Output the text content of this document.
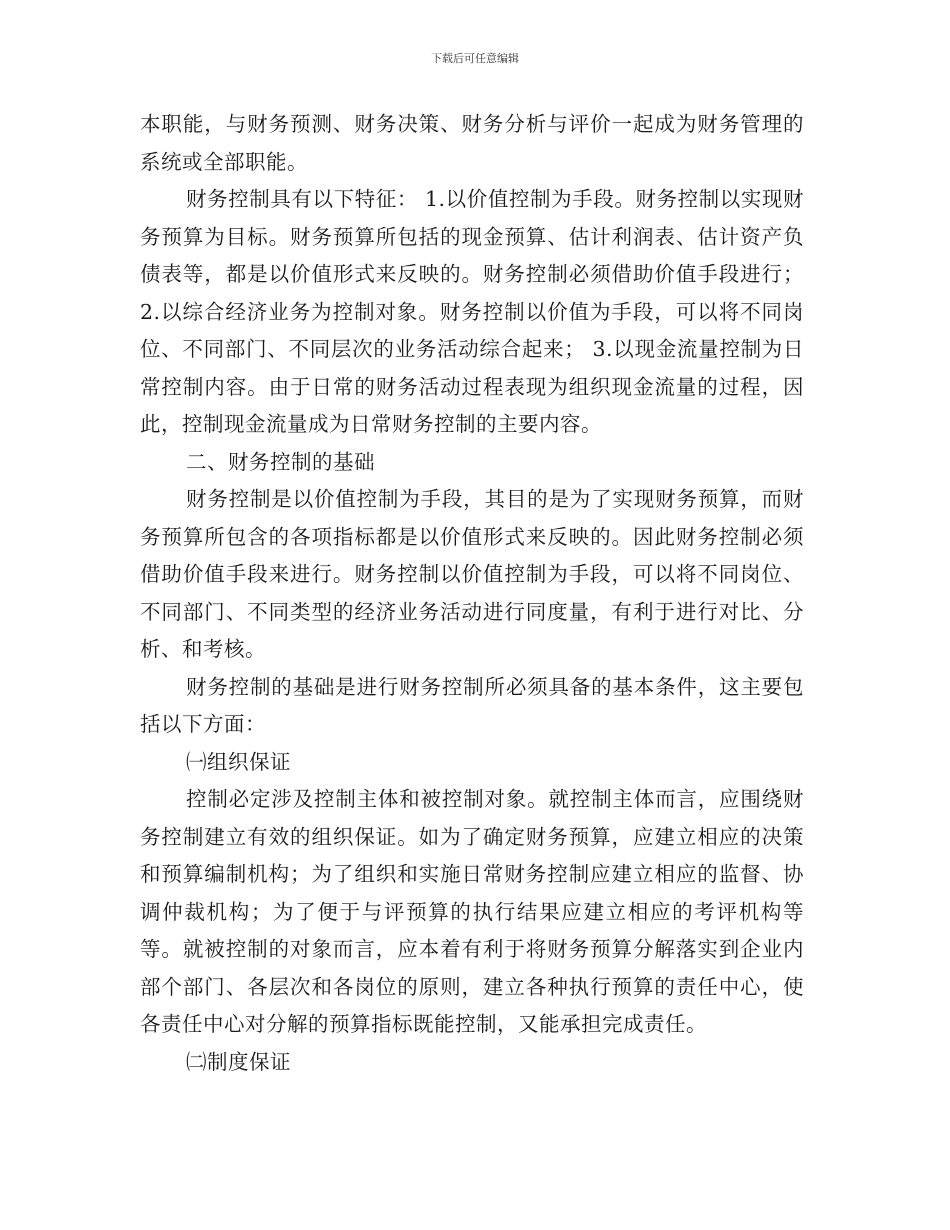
下载后可任意编辑

本职能，与财务预测、财务决策、财务分析与评价一起成为财务管理的系统或全部职能。

财务控制具有以下特征： 1.以价值控制为手段。财务控制以实现财务预算为目标。财务预算所包括的现金预算、估计利润表、估计资产负债表等，都是以价值形式来反映的。财务控制必须借助价值手段进行； 2.以综合经济业务为控制对象。财务控制以价值为手段，可以将不同岗位、不同部门、不同层次的业务活动综合起来； 3.以现金流量控制为日常控制内容。由于日常的财务活动过程表现为组织现金流量的过程，因此，控制现金流量成为日常财务控制的主要内容。

二、财务控制的基础

财务控制是以价值控制为手段，其目的是为了实现财务预算，而财务预算所包含的各项指标都是以价值形式来反映的。因此财务控制必须借助价值手段来进行。财务控制以价值控制为手段，可以将不同岗位、不同部门、不同类型的经济业务活动进行同度量，有利于进行对比、分析、和考核。

财务控制的基础是进行财务控制所必须具备的基本条件，这主要包括以下方面：

㈠组织保证

控制必定涉及控制主体和被控制对象。就控制主体而言，应围绕财务控制建立有效的组织保证。如为了确定财务预算，应建立相应的决策和预算编制机构；为了组织和实施日常财务控制应建立相应的监督、协调仲裁机构；为了便于与评预算的执行结果应建立相应的考评机构等等。就被控制的对象而言，应本着有利于将财务预算分解落实到企业内部个部门、各层次和各岗位的原则，建立各种执行预算的责任中心，使各责任中心对分解的预算指标既能控制，又能承担完成责任。

㈡制度保证
